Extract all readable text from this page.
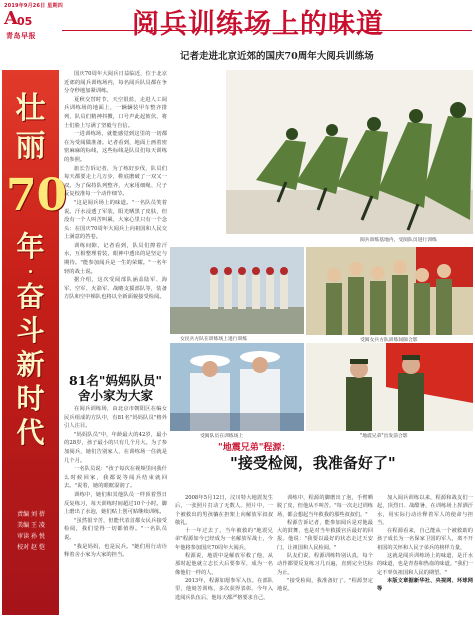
2019年9月26日 星期四
A 05
青岛早报	阅兵训练场上的味道
记者走进北京近郊的国庆70周年大阅兵训练场
壮
丽
70
年
·
奋
斗
新
时
代
责编 刘 蓓
美编 王 凌
审读 孙 悦
校对 赵 恺

国庆70周年大阅兵日益临近，位于北京近郊的阅兵训练场内，每名阅兵队员都在争分夺秒地加紧训练。

夏秋交替时节，天空很蓝，走进人工阅兵训练场的地面上，一辆辆装甲车整齐排列，队员们精神抖擞，口号声此起彼伏，将士们脸上写满了坚毅与自信。

一进训练场，就能感觉到这里的一切都在为受阅做准备。记者看到，地面上画着密密麻麻的标线，这些标线是队员们每天训练的参照。

旅长告诉记者，为了练好步伐，队员们每天都要走上几万步，鞋底磨破了一双又一双。为了保持队列整齐，大家用细绳、尺子反复校准每一个动作细节。

"这是阅兵场上的味道。"一名队员笑着说。汗水浸透了军装，阳光晒黑了皮肤，但没有一个人叫苦叫累，大家心里只有一个念头：在国庆70周年大阅兵上向祖国和人民交上满意的答卷。

训练间隙，记者看到，队员们擦着汗水，互相整理着装，眼神中透出的是坚定与期待。"能参加阅兵是一生的荣耀。"一名年轻的战士说。

据介绍，这次受阅部队涵盖陆军、海军、空军、火箭军、战略支援部队等，装备方队和空中梯队也将以全新面貌接受检阅。

81名"妈妈队员"
舍小家为大家

在阅兵训练场，由北京市朝阳区在编女民兵组成的方队中，有81名"妈妈队员"格外引人注目。

"妈妈队员"中，年龄最大的42岁，最小的28岁，孩子最小的只有几个月大。为了参加阅兵，她们告别家人，在训练场一住就是几个月。

一名队员说："孩子每次在视频里问我什么时候回家，我都说等阅兵结束就回去。"说着，她的眼眶湿润了。

训练中，她们和其他队员一样顶着烈日反复练习，每天训练时间超过10个小时。脚上磨出了水泡，她们贴上创可贴继续训练。

"虽然很辛苦，但能代表首都女民兵接受检阅，我们觉得一切都值得。"一名队员说。

"我是妈妈，也是民兵。"她们用行动诠释着舍小家为大家的担当。

阅兵训练基地内，受阅队员进行训练
女民兵方队在训练场上进行训练	受阅女兵方队训练间隙合影
受阅队员在训练场上	"地震兄弟"出发前合影
"地震兄弟"程源：
"接受检阅，我准备好了"

2008年5月12日，汶川特大地震发生后，一张照片打动了无数人。照片中，一个被救出的男孩躺在担架上向解放军叔叔敬礼。

十一年过去了，当年被救的"地震兄弟"程源如今已经成为一名解放军战士，今年他将参加国庆70周年大阅兵。

程源说，地震中是解放军救了他，从那时起他就立志长大后要参军，成为一名像他们一样的人。

2013年，程源如愿参军入伍。在部队里，他刻苦训练，多次获得表彰。今年入选阅兵队伍后，他每天都严格要求自己。

训练中，程源的脚磨出了泡，手臂晒脱了皮，但他从不叫苦。"每一次走过训练场，都会想起当年救我的那些叔叔们。"

程源告诉记者，能参加阅兵是对他最大的鼓舞，也是对当年救援官兵最好的回报。他说："我要以最好的状态走过天安门，让祖国和人民检阅。"

队友们说，程源训练特别认真，每个动作都要反复练习几百遍，直到完全达标为止。

"接受检阅，我准备好了。"程源坚定地说。

加入阅兵训练以来，程源和战友们一起，顶烈日、战酷暑，在训练场上挥洒汗水，用实际行动诠释着军人的使命与担当。

在程源看来，自己能从一个被救助的孩子成长为一名保家卫国的军人，离不开祖国的关怀和人民子弟兵的榜样力量。

这就是阅兵训练场上的味道，是汗水的味道，也是青春和热血的味道。"我们一定不辜负祖国和人民的期望。"

本版文章据新华社、央视网、环球网等
